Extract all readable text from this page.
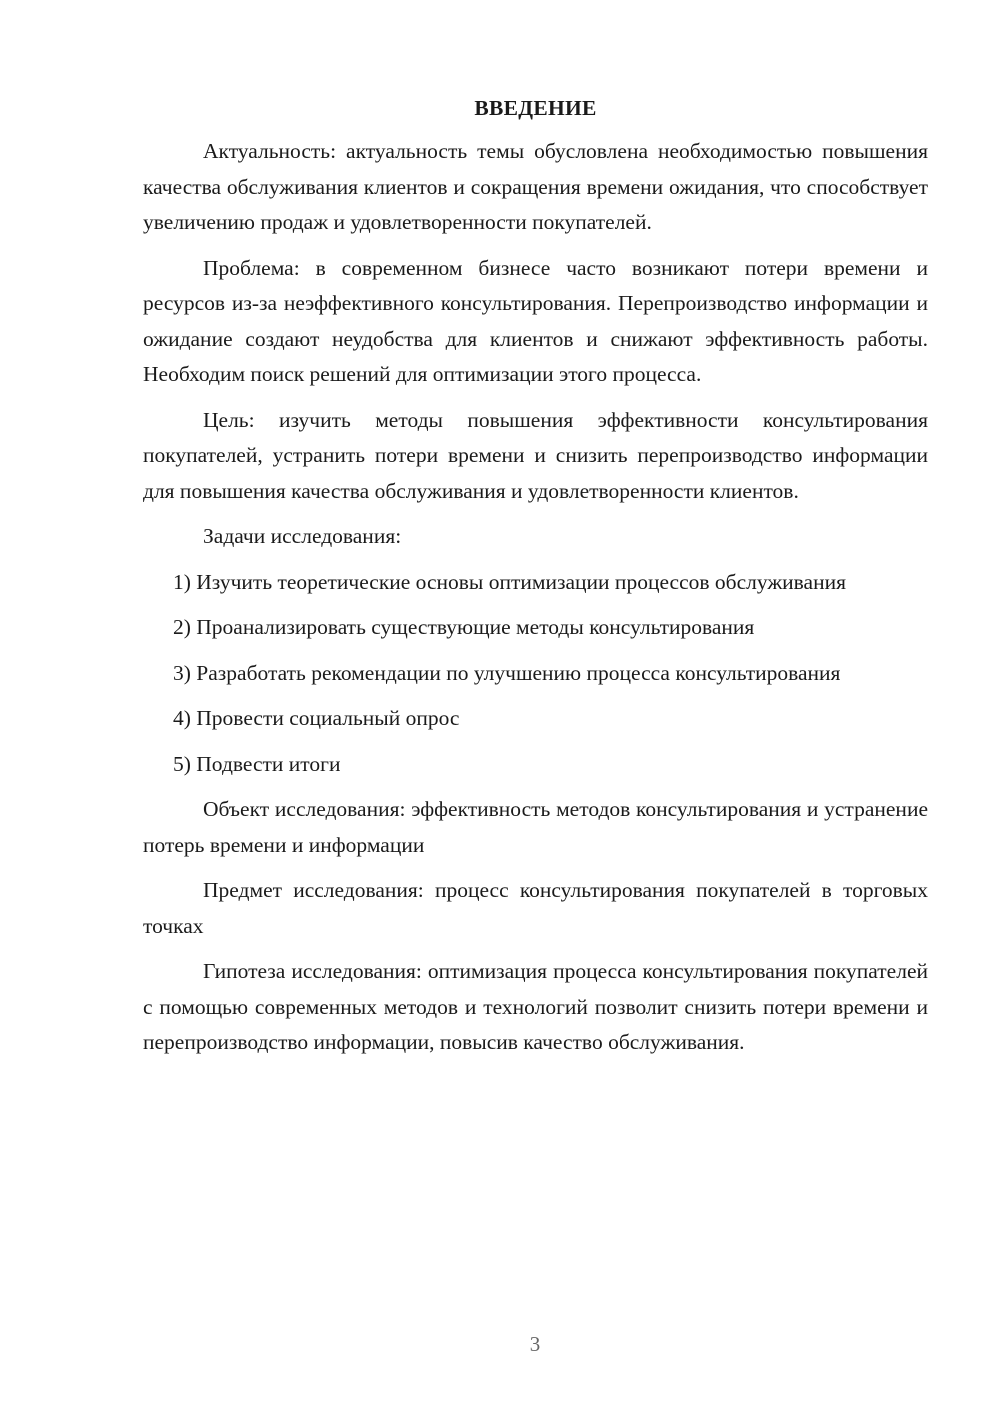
ВВЕДЕНИЕ

Актуальность: актуальность темы обусловлена необходимостью повышения качества обслуживания клиентов и сокращения времени ожидания, что способствует увеличению продаж и удовлетворенности покупателей.

Проблема: в современном бизнесе часто возникают потери времени и ресурсов из-за неэффективного консультирования. Перепроизводство информации и ожидание создают неудобства для клиентов и снижают эффективность работы. Необходим поиск решений для оптимизации этого процесса.

Цель: изучить методы повышения эффективности консультирования покупателей, устранить потери времени и снизить перепроизводство информации для повышения качества обслуживания и удовлетворенности клиентов.

Задачи исследования:

1) Изучить теоретические основы оптимизации процессов обслуживания

2) Проанализировать существующие методы консультирования

3) Разработать рекомендации по улучшению процесса консультирования

4) Провести социальный опрос

5) Подвести итоги

Объект исследования: эффективность методов консультирования и устранение потерь времени и информации

Предмет исследования: процесс консультирования покупателей в торговых точках

Гипотеза исследования: оптимизация процесса консультирования покупателей с помощью современных методов и технологий позволит снизить потери времени и перепроизводство информации, повысив качество обслуживания.

3
